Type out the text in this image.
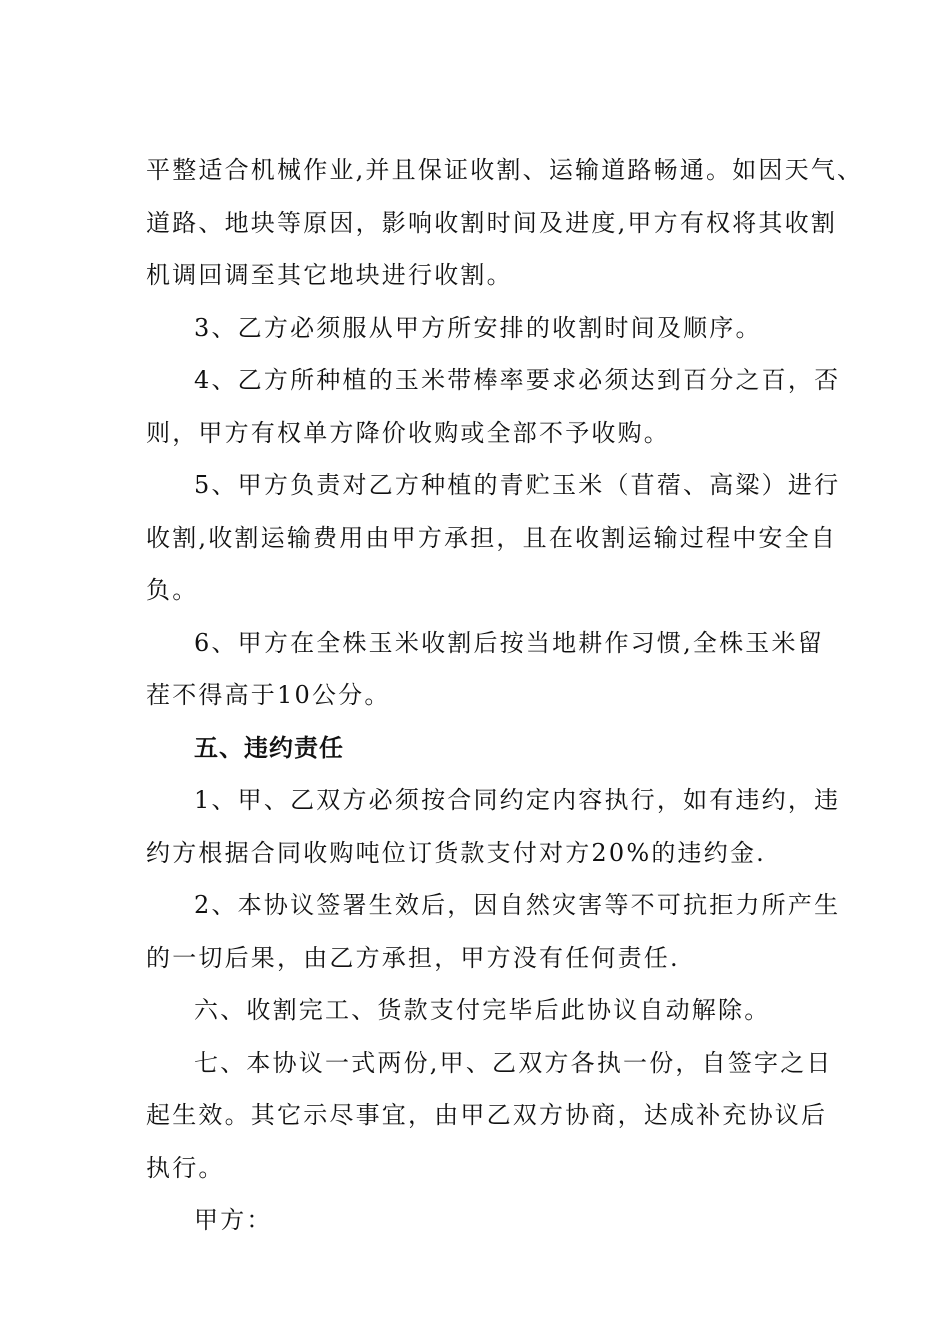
平整适合机械作业,并且保证收割、运输道路畅通。如因天气、
道路、地块等原因，影响收割时间及进度,甲方有权将其收割
机调回调至其它地块进行收割。
3、乙方必须服从甲方所安排的收割时间及顺序。
4、乙方所种植的玉米带棒率要求必须达到百分之百，否
则，甲方有权单方降价收购或全部不予收购。
5、甲方负责对乙方种植的青贮玉米（苜蓿、高粱）进行
收割,收割运输费用由甲方承担，且在收割运输过程中安全自
负。
6、甲方在全株玉米收割后按当地耕作习惯,全株玉米留
茬不得高于10公分。
五、违约责任
1、甲、乙双方必须按合同约定内容执行，如有违约，违
约方根据合同收购吨位订货款支付对方20%的违约金.
2、本协议签署生效后，因自然灾害等不可抗拒力所产生
的一切后果，由乙方承担，甲方没有任何责任.
六、收割完工、货款支付完毕后此协议自动解除。
七、本协议一式两份,甲、乙双方各执一份，自签字之日
起生效。其它示尽事宜，由甲乙双方协商，达成补充协议后
执行。
甲方：
